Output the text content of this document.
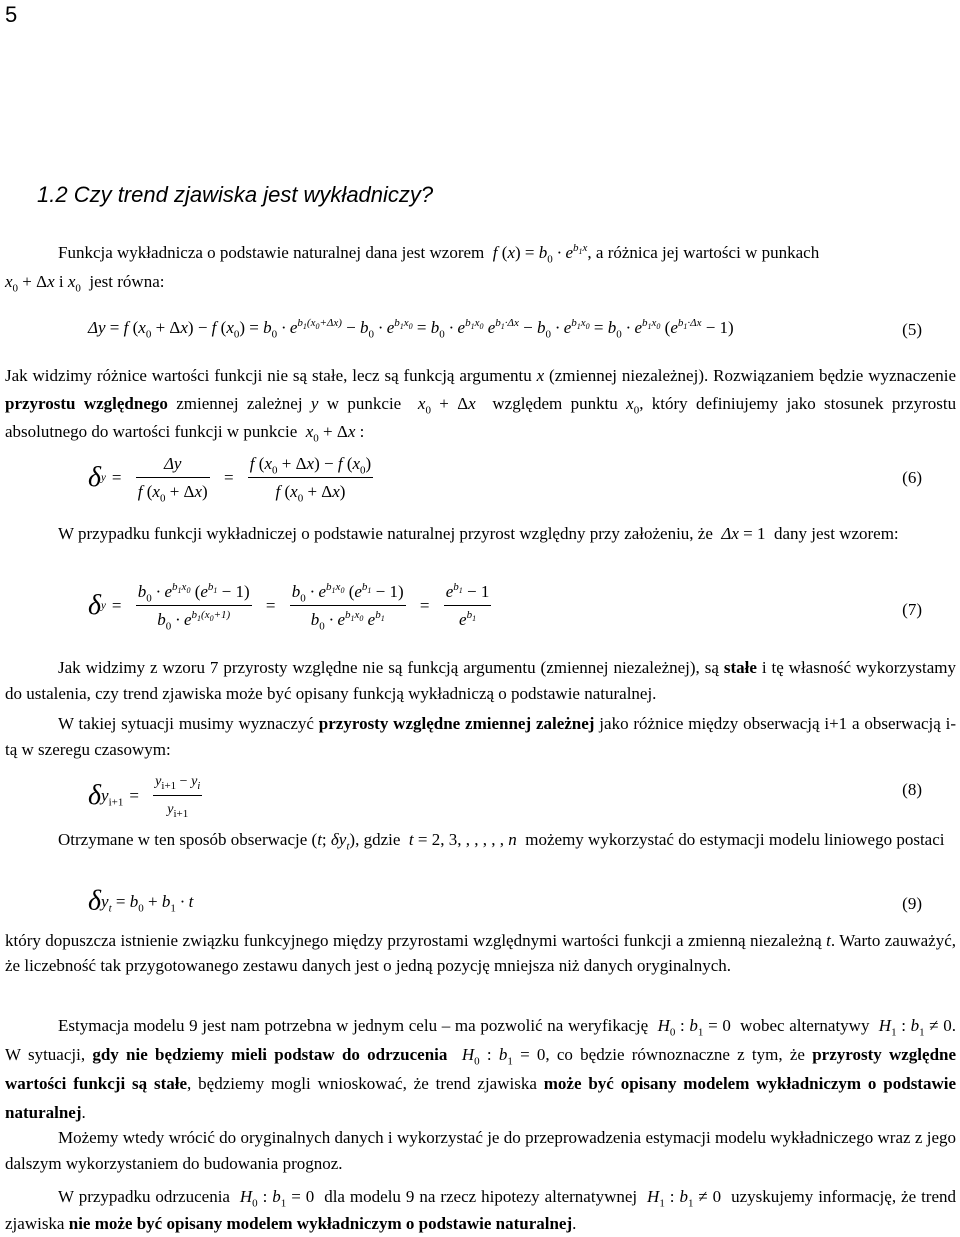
5
1.2 Czy trend zjawiska jest wykładniczy?
Funkcja wykładnicza o podstawie naturalnej dana jest wzorem  f $(x) = b_0 \cdot e^{b_1x}$, a różnica jej wartości w punkach
$x_0 + \Delta x$ i $x_0$ jest równa:
Δy = f $(x_0 + \Delta x) - f$ $(x_0) = b_0 \cdot e^{b_1(x_0+\Delta x)} - b_0 \cdot e^{b_1x_0} = b_0 \cdot e^{b_1x_0}$ $e^{b_1\cdot\Delta x} - b_0 \cdot e^{b_1x_0} = b_0 \cdot e^{b_1x_0}$ $(e^{b_1\cdot\Delta x} - 1)$	(5)
Jak widzimy różnice wartości funkcji nie są stałe, lecz są funkcją argumentu x (zmiennej niezależnej). Rozwiązaniem będzie wyznaczenie przyrostu względnego zmiennej zależnej y w punkcie  $x_0 + \Delta x$  względem punktu $x_0$, który definiujemy jako stosunek przyrostu absolutnego do wartości funkcji w punkcie  $x_0 + \Delta x$ :
$\delta y = \frac{\Delta y}{f (x_0 + \Delta x)} = \frac{f (x_0 + \Delta x) - f (x_0)}{f (x_0 + \Delta x)}$	(6)
W przypadku funkcji wykładniczej o podstawie naturalnej przyrost względny przy założeniu, że  Δx = 1 dany jest wzorem:
$\delta y = \frac{b_0 \cdot e^{b_1x_0} (e^{b_1} - 1)}{b_0 \cdot e^{b_1(x_0+1)}} = \frac{b_0 \cdot e^{b_1x_0} (e^{b_1} - 1)}{b_0 \cdot e^{b_1x_0} e^{b_1}} = \frac{e^{b_1} - 1}{e^{b_1}}$	(7)
Jak widzimy z wzoru 7 przyrosty względne nie są funkcją argumentu (zmiennej niezależnej), są stałe i tę własność wykorzystamy do ustalenia, czy trend zjawiska może być opisany funkcją wykładniczą o podstawie naturalnej.
W takiej sytuacji musimy wyznaczyć przyrosty względne zmiennej zależnej jako różnice między obserwacją i+1 a obserwacją i-tą w szeregu czasowym:
$\delta y_{i+1} = \frac{y_{i+1} - y_i}{y_{i+1}}$	(8)
Otrzymane w ten sposób obserwacje (t; $\delta y_t$), gdzie  t = 2, 3, , , , , , n  możemy wykorzystać do estymacji modelu liniowego postaci
$\delta y_t = b_0 + b_1 \cdot t$	(9)
który dopuszcza istnienie związku funkcyjnego między przyrostami względnymi wartości funkcji a zmienną niezależną t. Warto zauważyć, że liczebność tak przygotowanego zestawu danych jest o jedną pozycję mniejsza niż danych oryginalnych.
Estymacja modelu 9 jest nam potrzebna w jednym celu – ma pozwolić na weryfikację  $H_0$ : $b_1 = 0$ wobec alternatywy  $H_1$ : $b_1 \ne 0$. W sytuacji, gdy nie będziemy mieli podstaw do odrzucenia  $H_0$ : $b_1 = 0$, co będzie równoznaczne z tym, że przyrosty względne wartości funkcji są stałe, będziemy mogli wnioskować, że trend zjawiska może być opisany modelem wykładniczym o podstawie naturalnej.
Możemy wtedy wrócić do oryginalnych danych i wykorzystać je do przeprowadzenia estymacji modelu wykładniczego wraz z jego dalszym wykorzystaniem do budowania prognoz.
W przypadku odrzucenia  $H_0$ : $b_1 = 0$ dla modelu 9 na rzecz hipotezy alternatywnej  $H_1$ : $b_1 \ne 0$ uzyskujemy informację, że trend zjawiska nie może być opisany modelem wykładniczym o podstawie naturalnej.
